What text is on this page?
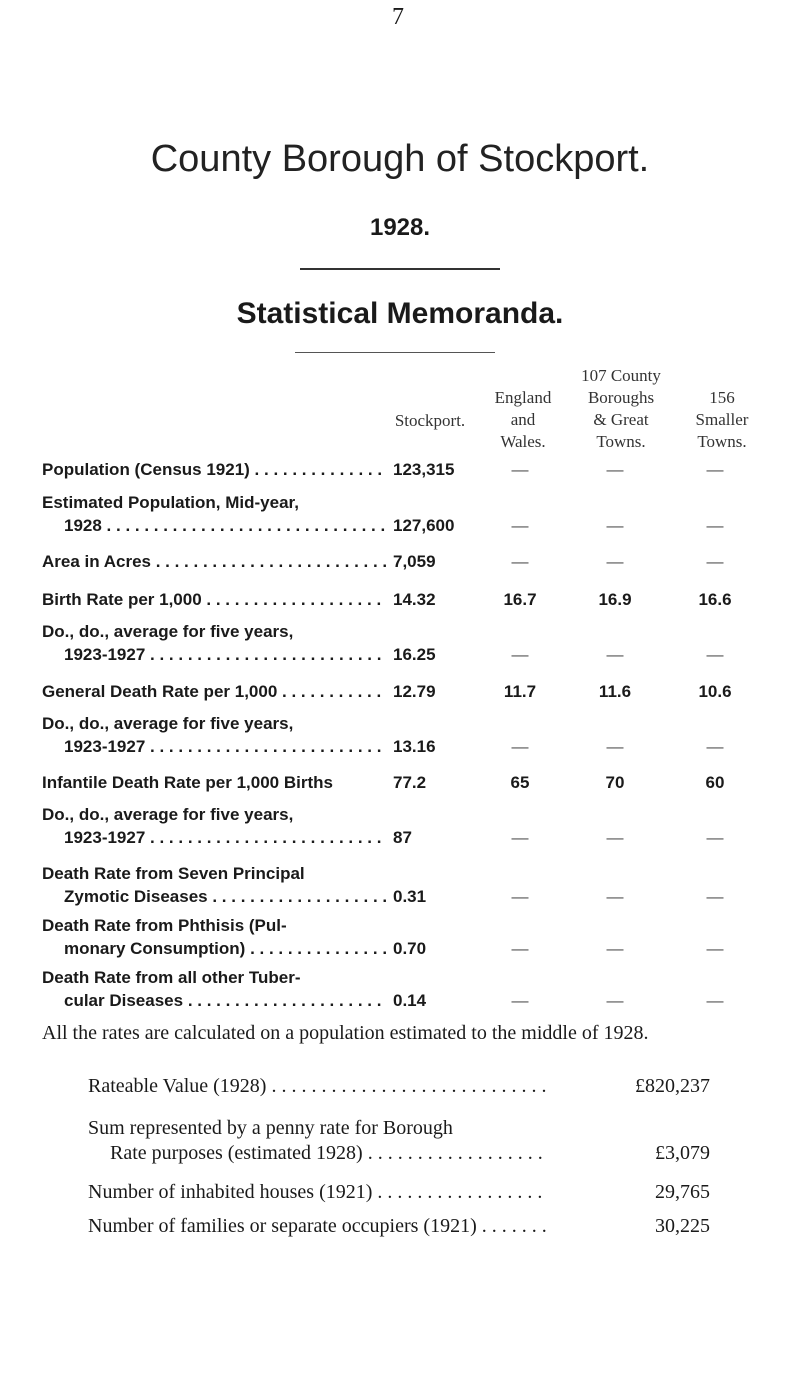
7
County Borough of Stockport.
1928.
Statistical Memoranda.
Stockport.
England
and
Wales.
107 County
Boroughs
& Great
Towns.
156
Smaller
Towns.
Population (Census 1921) . . .	123,315	—	—	—
Estimated Population, Mid-year,
1928 . . .	127,600	—	—	—
Area in Acres . . .	7,059	—	—	—
Birth Rate per 1,000 . . .	14.32	16.7	16.9	16.6
Do., do., average for five years,
1923-1927 . . .	16.25	—	—	—
General Death Rate per 1,000 . . .	12.79	11.7	11.6	10.6
Do., do., average for five years,
1923-1927 . . .	13.16	—	—	—
Infantile Death Rate per 1,000 Births	77.2	65	70	60
Do., do., average for five years,
1923-1927 . . .	87	—	—	—
Death Rate from Seven Principal
Zymotic Diseases . . .	0.31	—	—	—
Death Rate from Phthisis (Pul-
monary Consumption) . . .	0.70	—	—	—
Death Rate from all other Tuber-
cular Diseases . . .	0.14	—	—	—
All the rates are calculated on a population estimated to the middle of 1928.
Rateable Value (1928) . . .	£820,237
Sum represented by a penny rate for Borough
Rate purposes (estimated 1928) . . .	£3,079
Number of inhabited houses (1921) . . .	29,765
Number of families or separate occupiers (1921) . . .	30,225
